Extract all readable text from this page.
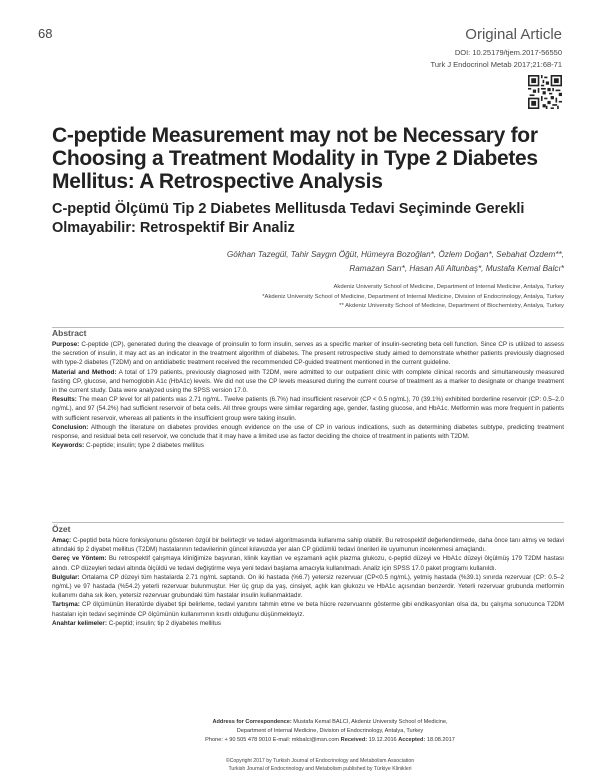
68	Original Article
DOI: 10.25179/tjem.2017-56550
Turk J Endocrinol Metab 2017;21:68-71
C-peptide Measurement may not be Necessary for Choosing a Treatment Modality in Type 2 Diabetes Mellitus: A Retrospective Analysis
C-peptid Ölçümü Tip 2 Diabetes Mellitusda Tedavi Seçiminde Gerekli Olmayabilir: Retrospektif Bir Analiz
Gökhan Tazegül, Tahir Saygın Öğüt, Hümeyra Bozoğlan*, Özlem Doğan*, Sebahat Özdem**,
Ramazan Sarı*, Hasan Ali Altunbaş*, Mustafa Kemal Balcı*
Akdeniz University School of Medicine, Department of Internal Medicine, Antalya, Turkey
*Akdeniz University School of Medicine, Department of Internal Medicine, Division of Endocrinology, Antalya, Turkey
** Akdeniz University School of Medicine, Department of Biochemistry, Antalya, Turkey
Abstract
Purpose: C-peptide (CP), generated during the cleavage of proinsulin to form insulin, serves as a specific marker of insulin-secreting beta cell function. Since CP is utilized to assess the secretion of insulin, it may act as an indicator in the treatment algorithm of diabetes. The present retrospective study aimed to demonstrate whether patients previously diagnosed with type-2 diabetes (T2DM) and on antidiabetic treatment received the recommended CP-guided treatment mentioned in the current guideline.
Material and Method: A total of 179 patients, previously diagnosed with T2DM, were admitted to our outpatient clinic with complete clinical records and simultaneously measured fasting CP, glucose, and hemoglobin A1c (HbA1c) levels. We did not use the CP levels measured during the current course of treatment as a marker to designate or change treatment in the current study. Data were analyzed using the SPSS version 17.0.
Results: The mean CP level for all patients was 2.71 ng/mL. Twelve patients (6.7%) had insufficient reservoir (CP < 0.5 ng/mL), 70 (39.1%) exhibited borderline reservoir (CP: 0.5–2.0 ng/mL), and 97 (54.2%) had sufficient reservoir of beta cells. All three groups were similar regarding age, gender, fasting glucose, and HbA1c. Metformin was more frequent in patients with sufficient reservoir, whereas all patients in the insufficient group were taking insulin.
Conclusion: Although the literature on diabetes provides enough evidence on the use of CP in various indications, such as determining diabetes subtype, predicting treatment response, and residual beta cell reservoir, we conclude that it may have a limited use as factor deciding the choice of treatment in patients with T2DM.
Keywords: C-peptide; insulin; type 2 diabetes mellitus
Özet
Amaç: C-peptid beta hücre fonksiyonunu gösteren özgül bir belirteçtir ve tedavi algoritmasında kullanıma sahip olabilir. Bu retrospektif değerlendirmede, daha önce tanı almış ve tedavi altındaki tip 2 diyabet mellitus (T2DM) hastalarının tedavilerinin güncel kılavuzda yer alan CP güdümlü tedavi önerileri ile uyumunun incelenmesi amaçlandı.
Gereç ve Yöntem: Bu retrospektif çalışmaya kliniğimize başvuran, klinik kayıtları ve eşzamanlı açlık plazma glukozu, c-peptid düzeyi ve HbA1c düzeyi ölçülmüş 179 T2DM hastası alındı. CP düzeyleri tedavi altında ölçüldü ve tedavi değiştirme veya yeni tedavi başlama amacıyla kullanılmadı. Analiz için SPSS 17.0 paket programı kullanıldı.
Bulgular: Ortalama CP düzeyi tüm hastalarda 2.71 ng/mL saptandı. On iki hastada (%6.7) yetersiz rezervuar (CP<0.5 ng/mL), yetmiş hastada (%39.1) sınırda rezervuar (CP: 0.5–2 ng/mL) ve 97 hastada (%54.2) yeterli rezervuar bulunmuştur. Her üç grup da yaş, cinsiyet, açlık kan glukozu ve HbA1c açısından benzerdir. Yeterli rezervuar grubunda metformin kullanımı daha sık iken, yetersiz rezervuar grubundaki tüm hastalar insulin kullanmaktadır.
Tartışma: CP ölçümünün literatürde diyabet tipi belirleme, tedavi yanıtını tahmin etme ve beta hücre rezervuarını gösterme gibi endikasyonları olsa da, bu çalışma sonucunca T2DM hastaları için tedavi seçiminde CP ölçümünün kullanımının kısıtlı olduğunu düşünmekteyiz.
Anahtar kelimeler: C-peptid; insulin; tip 2 diyabetes mellitus
Address for Correspondence: Mustafa Kemal BALCI, Akdeniz University School of Medicine,
Department of Internal Medicine, Division of Endocrinology, Antalya, Turkey
Phone: + 90 505 478 9010 E-mail: mkbalci@msn.com Received: 19.12.2016 Accepted: 18.08.2017
©Copyright 2017 by Turkish Journal of Endocrinology and Metabolism Association
Turkish Journal of Endocrinology and Metabolism published by Türkiye Klinikleri
